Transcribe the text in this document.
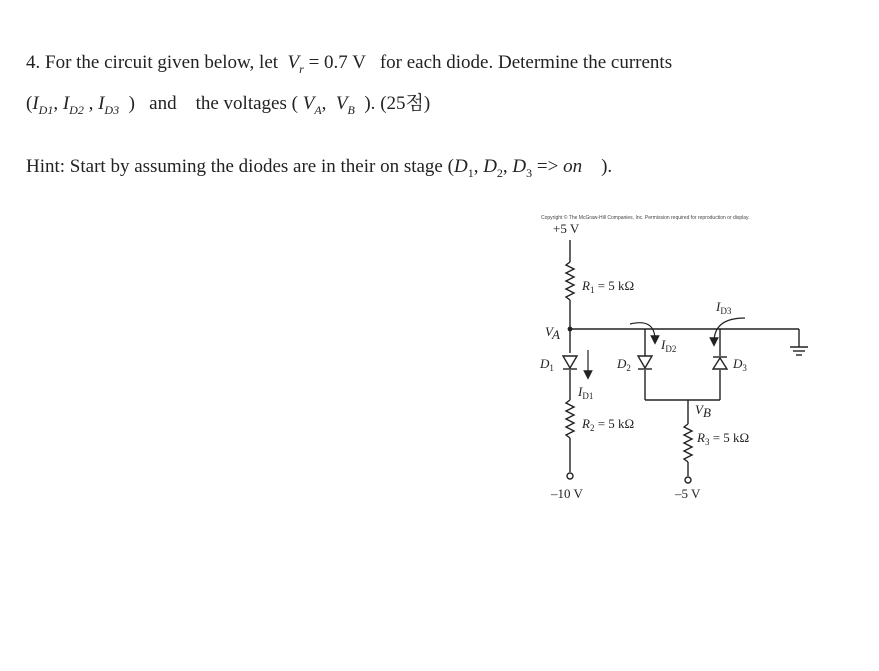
4. For the circuit given below, let $V_r = 0.7$ V for each diode. Determine the currents
($I_{D1}$, $I_{D2}$ , $I_{D3}$ ) and the voltages ( $V_A$, $V_B$ ). (25점)
Hint: Start by assuming the diodes are in their on stage ($D_1$, $D_2$, $D_3$ => on ).
Copyright © The McGraw-Hill Companies, Inc. Permission required for reproduction or display.
+5 V
$R_1 = 5$ kΩ
VA
$D_1$
$I_{D1}$
$D_2$
$I_{D2}$
$I_{D3}$
$D_3$
VB
$R_2 = 5$ kΩ
$R_3 = 5$ kΩ
–10 V	–5 V
